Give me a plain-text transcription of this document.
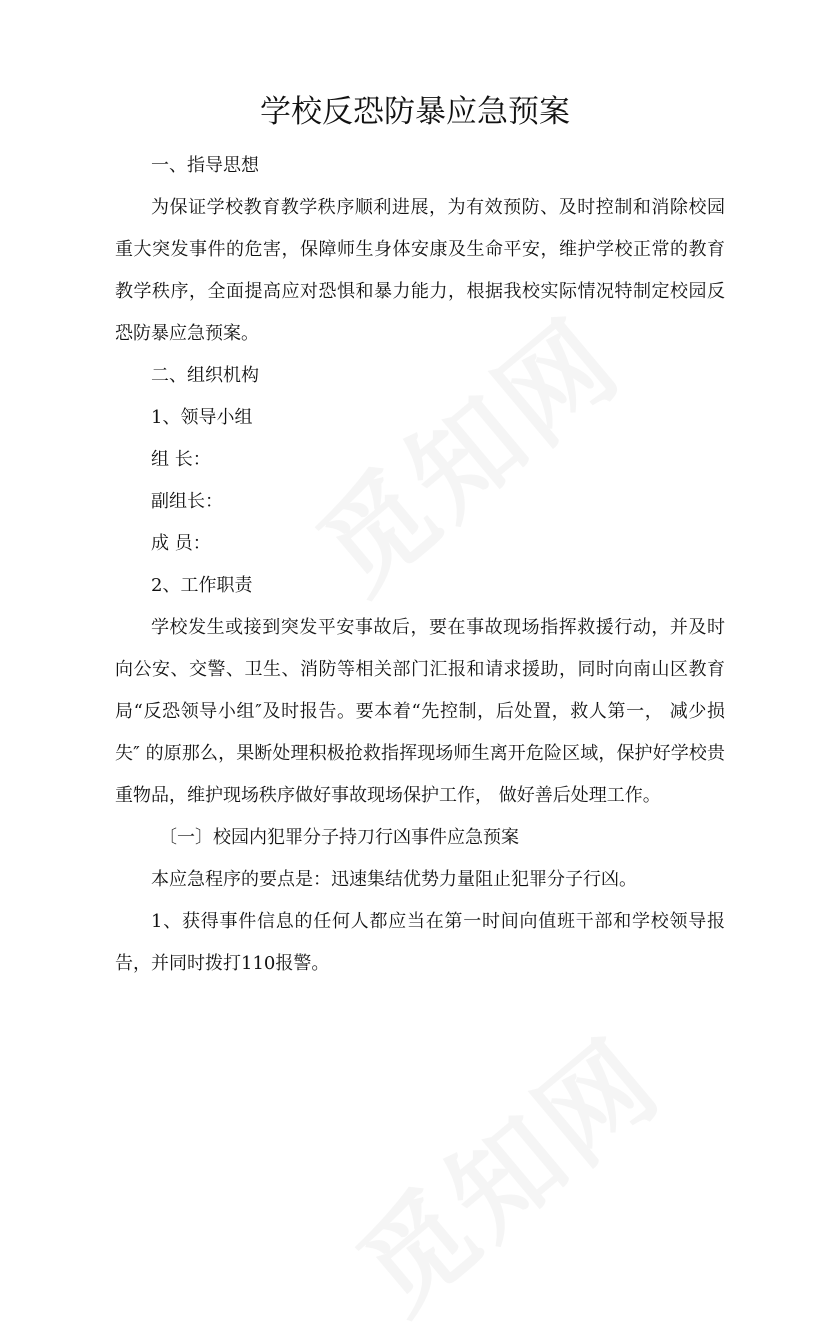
觅知网
觅知网
学校反恐防暴应急预案

一、指导思想

为保证学校教育教学秩序顺利进展，为有效预防、及时控制和消除校园重大突发事件的危害，保障师生身体安康及生命平安，维护学校正常的教育教学秩序，全面提高应对恐惧和暴力能力，根据我校实际情况特制定校园反恐防暴应急预案。

二、组织机构

1、领导小组

组 长：

副组长：

成 员：

2、工作职责

学校发生或接到突发平安事故后，要在事故现场指挥救援行动，并及时向公安、交警、卫生、消防等相关部门汇报和请求援助，同时向南山区教育局“反恐领导小组″及时报告。要本着“先控制，后处置，救人第一， 减少损失″ 的原那么，果断处理积极抢救指挥现场师生离开危险区域，保护好学校贵重物品，维护现场秩序做好事故现场保护工作， 做好善后处理工作。

〔一〕校园内犯罪分子持刀行凶事件应急预案

本应急程序的要点是：迅速集结优势力量阻止犯罪分子行凶。

1、获得事件信息的任何人都应当在第一时间向值班干部和学校领导报告，并同时拨打110报警。
